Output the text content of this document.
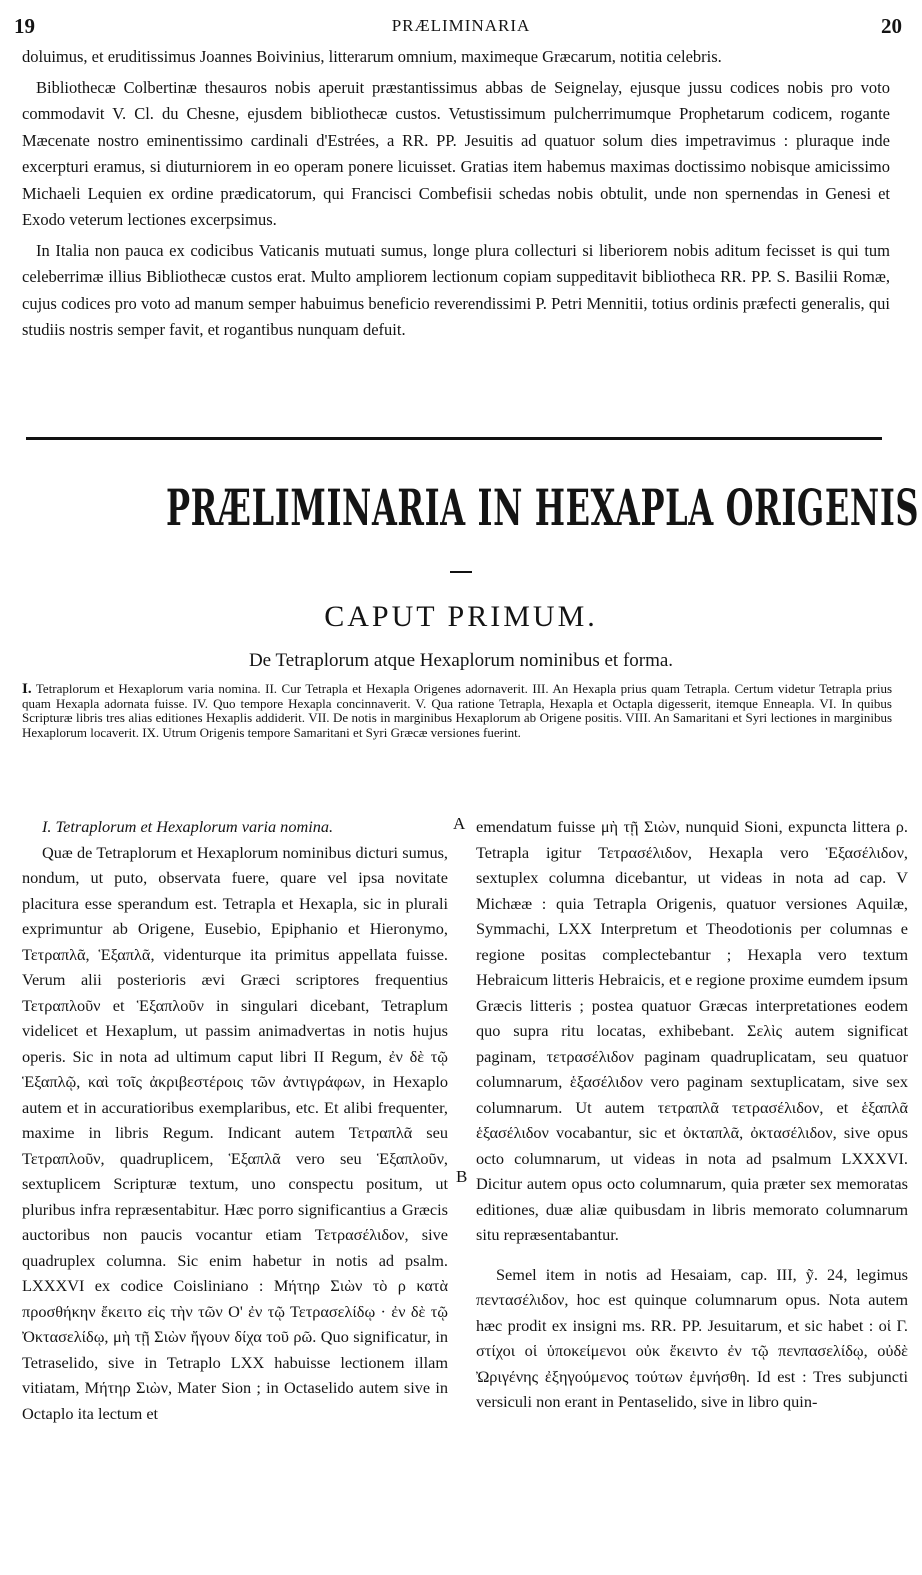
19	PRÆLIMINARIA	20

doluimus, et eruditissimus Joannes Boivinius, litterarum omnium, maximeque Græcarum, notitia celebris.

Bibliothecæ Colbertinæ thesauros nobis aperuit præstantissimus abbas de Seignelay, ejusque jussu codices nobis pro voto commodavit V. Cl. du Chesne, ejusdem bibliothecæ custos. Vetustissimum pulcherrimumque Prophetarum codicem, rogante Mæcenate nostro eminentissimo cardinali d'Estrées, a RR. PP. Jesuitis ad quatuor solum dies impetravimus : pluraque inde excerpturi eramus, si diuturniorem in eo operam ponere licuisset. Gratias item habemus maximas doctissimo nobisque amicissimo Michaeli Lequien ex ordine prædicatorum, qui Francisci Combefisii schedas nobis obtulit, unde non spernendas in Genesi et Exodo veterum lectiones excerpsimus.

In Italia non pauca ex codicibus Vaticanis mutuati sumus, longe plura collecturi si liberiorem nobis aditum fecisset is qui tum celeberrimæ illius Bibliothecæ custos erat. Multo ampliorem lectionum copiam suppeditavit bibliotheca RR. PP. S. Basilii Romæ, cujus codices pro voto ad manum semper habuimus beneficio reverendissimi P. Petri Mennitii, totius ordinis præfecti generalis, qui studiis nostris semper favit, et rogantibus nunquam defuit.

PRÆLIMINARIA IN HEXAPLA ORIGENIS
CAPUT PRIMUM.
De Tetraplorum atque Hexaplorum nominibus et forma.
I. Tetraplorum et Hexaplorum varia nomina. II. Cur Tetrapla et Hexapla Origenes adornaverit. III. An Hexapla prius quam Tetrapla. Certum videtur Tetrapla prius quam Hexapla adornata fuisse. IV. Quo tempore Hexapla concinnaverit. V. Qua ratione Tetrapla, Hexapla et Octapla digesserit, itemque Enneapla. VI. In quibus Scripturæ libris tres alias editiones Hexaplis addiderit. VII. De notis in marginibus Hexaplorum ab Origene positis. VIII. An Samaritani et Syri lectiones in marginibus Hexaplorum locaverit. IX. Utrum Origenis tempore Samaritani et Syri Græcæ versiones fuerint.

I. Tetraplorum et Hexaplorum varia nomina.

Quæ de Tetraplorum et Hexaplorum nominibus dicturi sumus, nondum, ut puto, observata fuere, quare vel ipsa novitate placitura esse sperandum est. Tetrapla et Hexapla, sic in plurali exprimuntur ab Origene, Eusebio, Epiphanio et Hieronymo, Τετραπλᾶ, Ἑξαπλᾶ, videnturque ita primitus appellata fuisse. Verum alii posterioris ævi Græci scriptores frequentius Τετραπλοῦν et Ἑξαπλοῦν in singulari dicebant, Tetraplum videlicet et Hexaplum, ut passim animadvertas in notis hujus operis. Sic in nota ad ultimum caput libri II Regum, ἐν δὲ τῷ Ἑξαπλῷ, καὶ τοῖς ἀκριβεστέροις τῶν ἀντιγράφων, in Hexaplo autem et in accuratioribus exemplaribus, etc. Et alibi frequenter, maxime in libris Regum. Indicant autem Τετραπλᾶ seu Τετραπλοῦν, quadruplicem, Ἑξαπλᾶ vero seu Ἑξαπλοῦν, sextuplicem Scripturæ textum, uno conspectu positum, ut pluribus infra repræsentabitur. Hæc porro significantius a Græcis auctoribus non paucis vocantur etiam Τετρασέλιδον, sive quadruplex columna. Sic enim habetur in notis ad psalm. LXXXVI ex codice Coisliniano : Μήτηρ Σιὼν τὸ ρ κατὰ προσθήκην ἔκειτο εἰς τὴν τῶν Ο' ἐν τῷ Τετρασελίδῳ · ἐν δὲ τῷ Ὀκτασελίδῳ, μὴ τῇ Σιὼν ἤγουν δίχα τοῦ ρῶ. Quo significatur, in Tetraselido, sive in Tetraplo LXX habuisse lectionem illam vitiatam, Μήτηρ Σιὼν, Mater Sion ; in Octaselido autem sive in Octaplo ita lectum et

A
B

emendatum fuisse μὴ τῇ Σιὼν, nunquid Sioni, expuncta littera ρ. Tetrapla igitur Τετρασέλιδον, Hexapla vero Ἑξασέλιδον, sextuplex columna dicebantur, ut videas in nota ad cap. V Michææ : quia Tetrapla Origenis, quatuor versiones Aquilæ, Symmachi, LXX Interpretum et Theodotionis per columnas e regione positas complectebantur ; Hexapla vero textum Hebraicum litteris Hebraicis, et e regione proxime eumdem ipsum Græcis litteris ; postea quatuor Græcas interpretationes eodem quo supra ritu locatas, exhibebant. Σελὶς autem significat paginam, τετρασέλιδον paginam quadruplicatam, seu quatuor columnarum, ἑξασέλιδον vero paginam sextuplicatam, sive sex columnarum. Ut autem τετραπλᾶ τετρασέλιδον, et ἑξαπλᾶ ἑξασέλιδον vocabantur, sic et ὀκταπλᾶ, ὀκτασέλιδον, sive opus octo columnarum, ut videas in nota ad psalmum LXXXVI. Dicitur autem opus octo columnarum, quia præter sex memoratas editiones, duæ aliæ quibusdam in libris memorato columnarum situ repræsentabantur.

Semel item in notis ad Hesaiam, cap. III, ỹ. 24, legimus πεντασέλιδον, hoc est quinque columnarum opus. Nota autem hæc prodit ex insigni ms. RR. PP. Jesuitarum, et sic habet : οἱ Γ. στίχοι οἱ ὑποκείμενοι οὐκ ἔκειντο ἐν τῷ πενπασελίδῳ, οὐδὲ Ὠριγένης ἐξηγούμενος τούτων ἐμνήσθη. Id est : Tres subjuncti versiculi non erant in Pentaselido, sive in libro quin-
